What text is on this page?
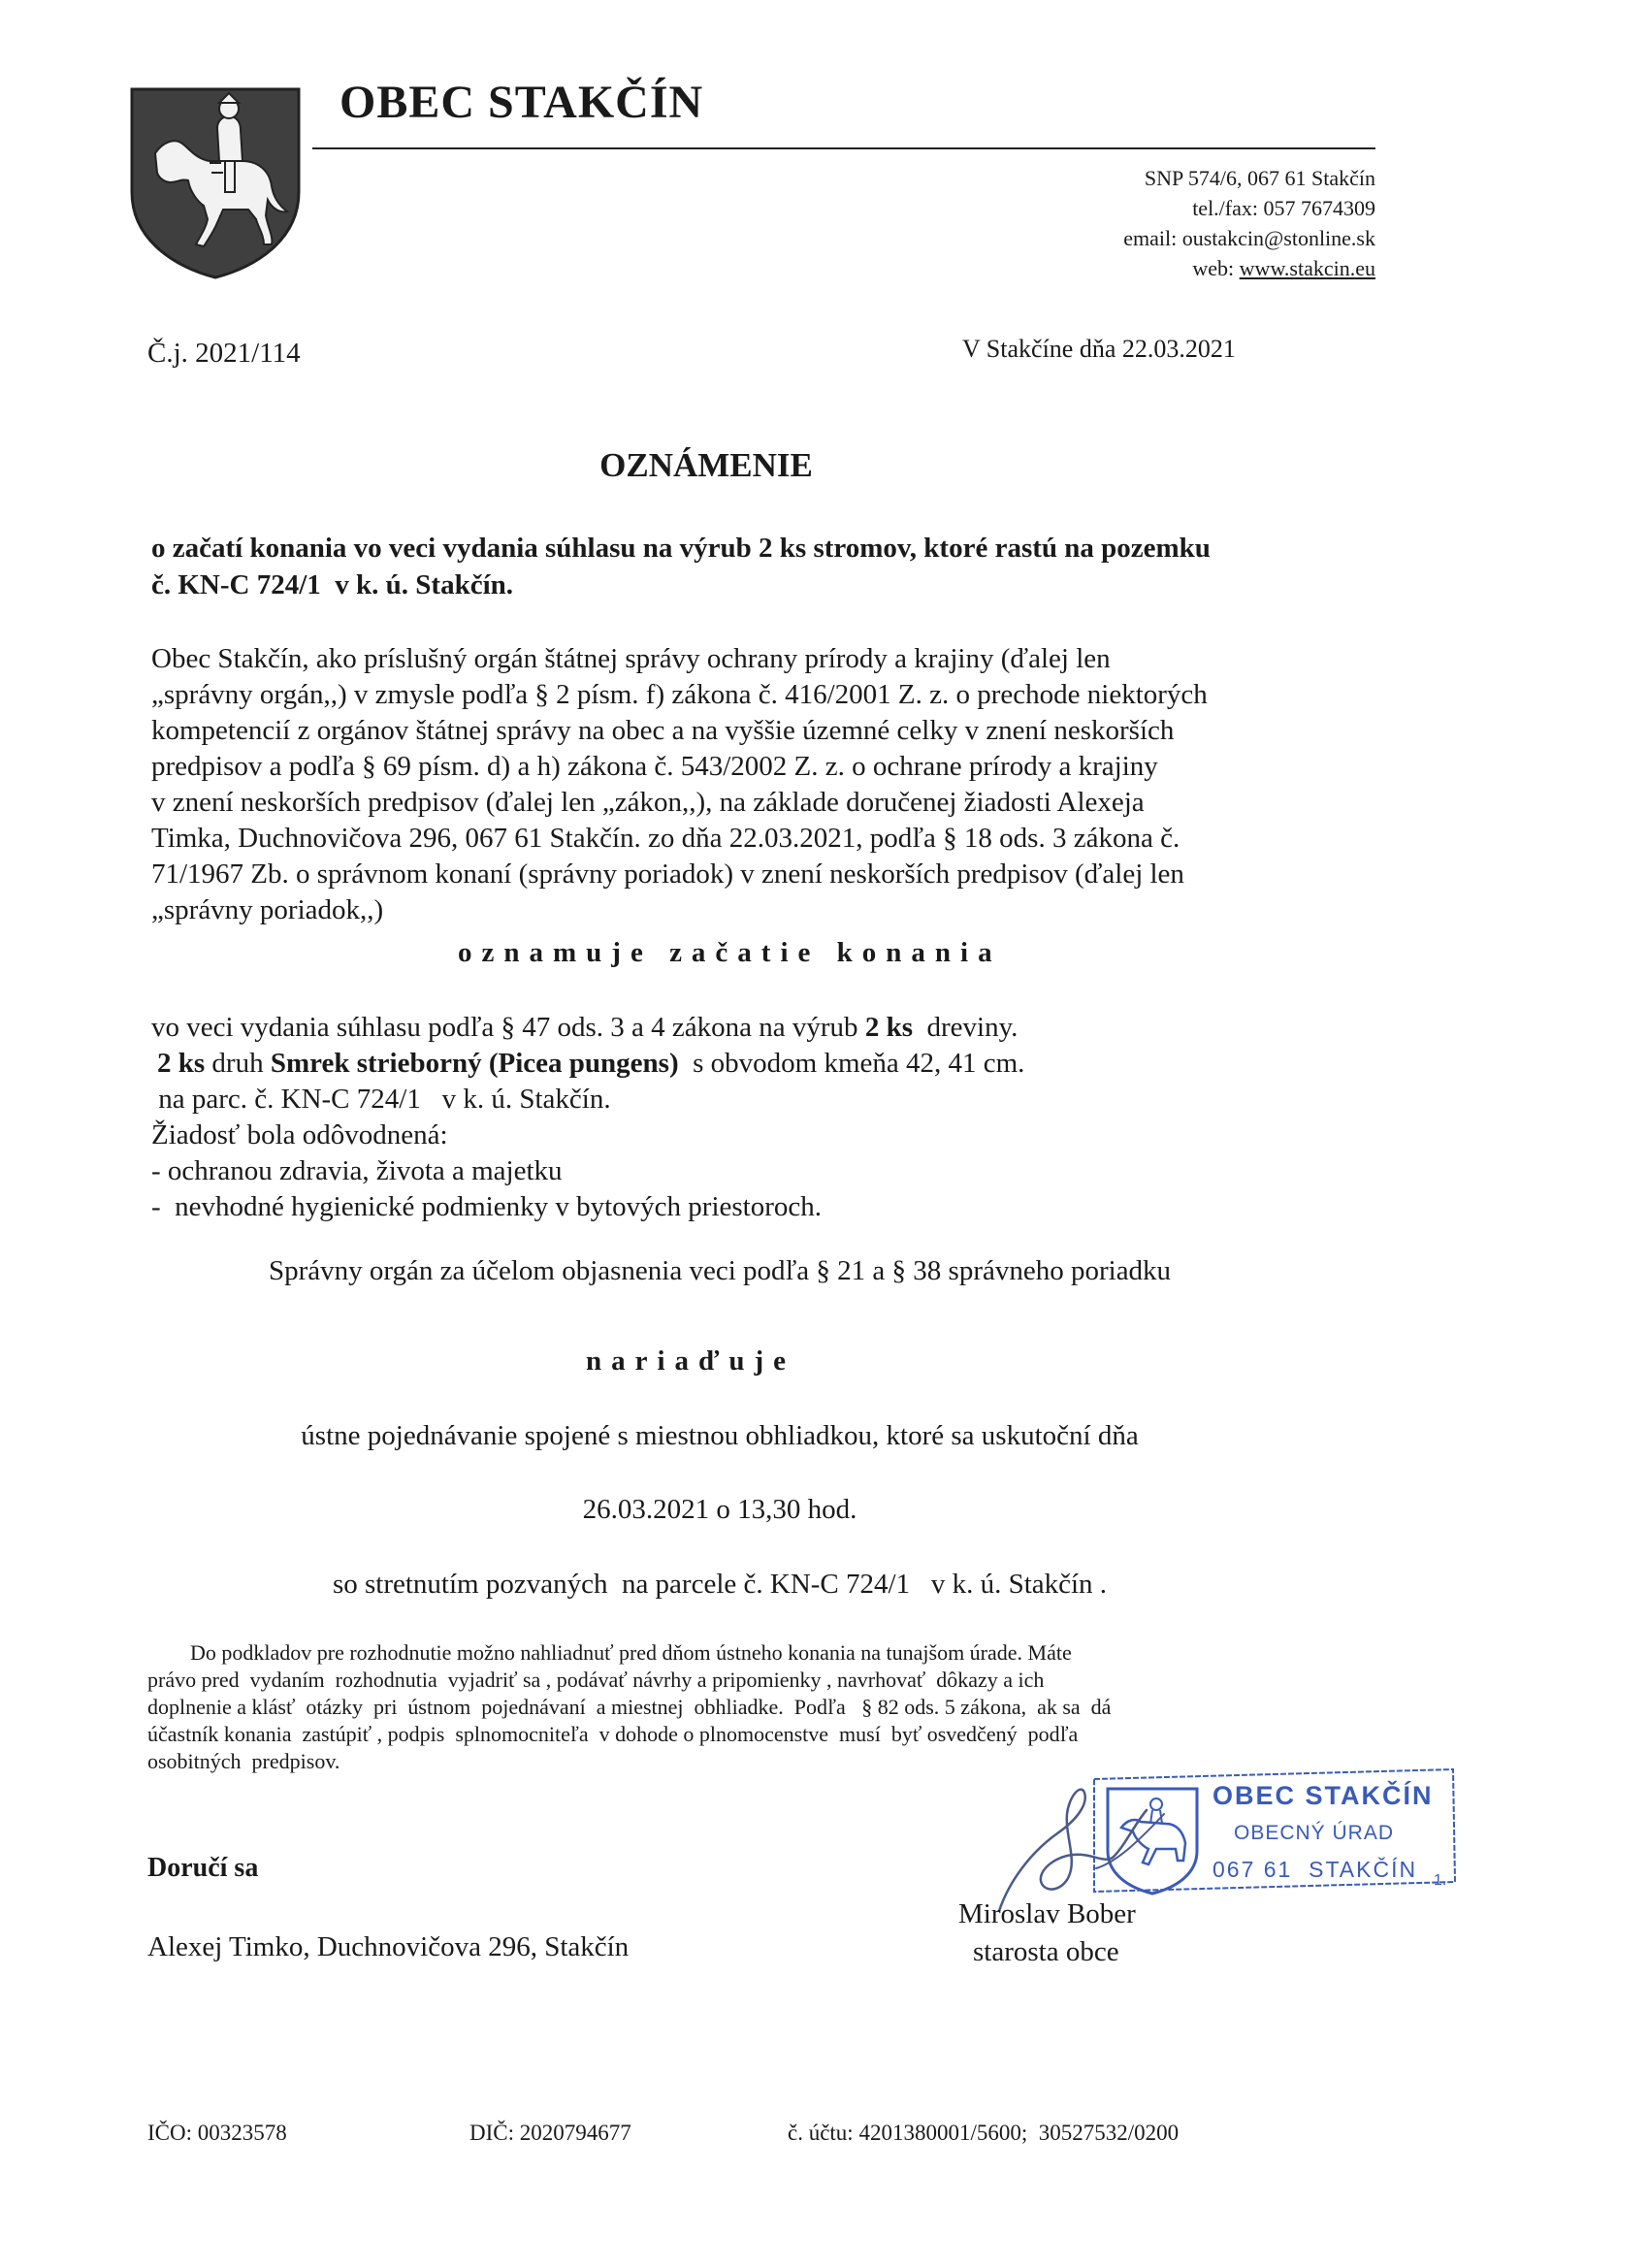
OBEC STAKČÍN
SNP 574/6, 067 61 Stakčín
tel./fax: 057 7674309
email: oustakcin@stonline.sk
web: www.stakcin.eu
Č.j. 2021/114	V Stakčíne dňa 22.03.2021
OZNÁMENIE
o začatí konania vo veci vydania súhlasu na výrub 2 ks stromov, ktoré rastú na pozemku
č. KN-C 724/1  v k. ú. Stakčín.
Obec Stakčín, ako príslušný orgán štátnej správy ochrany prírody a krajiny (ďalej len
„správny orgán,,) v zmysle podľa § 2 písm. f) zákona č. 416/2001 Z. z. o prechode niektorých
kompetencií z orgánov štátnej správy na obec a na vyššie územné celky v znení neskorších
predpisov a podľa § 69 písm. d) a h) zákona č. 543/2002 Z. z. o ochrane prírody a krajiny
v znení neskorších predpisov (ďalej len „zákon,,), na základe doručenej žiadosti Alexeja
Timka, Duchnovičova 296, 067 61 Stakčín. zo dňa 22.03.2021, podľa § 18 ods. 3 zákona č.
71/1967 Zb. o správnom konaní (správny poriadok) v znení neskorších predpisov (ďalej len
„správny poriadok,,)
oznamuje začatie konania
vo veci vydania súhlasu podľa § 47 ods. 3 a 4 zákona na výrub 2 ks  dreviny.
2 ks druh Smrek strieborný (Picea pungens)  s obvodom kmeňa 42, 41 cm.
na parc. č. KN-C 724/1   v k. ú. Stakčín.
Žiadosť bola odôvodnená:
- ochranou zdravia, života a majetku
-  nevhodné hygienické podmienky v bytových priestoroch.
Správny orgán za účelom objasnenia veci podľa § 21 a § 38 správneho poriadku
nariaďuje
ústne pojednávanie spojené s miestnou obhliadkou, ktoré sa uskutoční dňa
26.03.2021 o 13,30 hod.
so stretnutím pozvaných  na parcele č. KN-C 724/1   v k. ú. Stakčín .
Do podkladov pre rozhodnutie možno nahliadnuť pred dňom ústneho konania na tunajšom úrade. Máte
právo pred  vydaním  rozhodnutia  vyjadriť sa , podávať návrhy a pripomienky , navrhovať  dôkazy a ich
doplnenie a klásť  otázky  pri  ústnom  pojednávaní  a miestnej  obhliadke.  Podľa   § 82 ods. 5 zákona,  ak sa  dá
účastník konania  zastúpiť , podpis  splnomocniteľa  v dohode o plnomocenstve  musí  byť osvedčený  podľa
osobitných  predpisov.
Doručí sa
Alexej Timko, Duchnovičova 296, Stakčín
OBEC STAKČÍN
OBECNÝ ÚRAD
067 61  STAKČÍN 1.
Miroslav Bober
starosta obce
IČO: 00323578	DIČ: 2020794677	č. účtu: 4201380001/5600;  30527532/0200
